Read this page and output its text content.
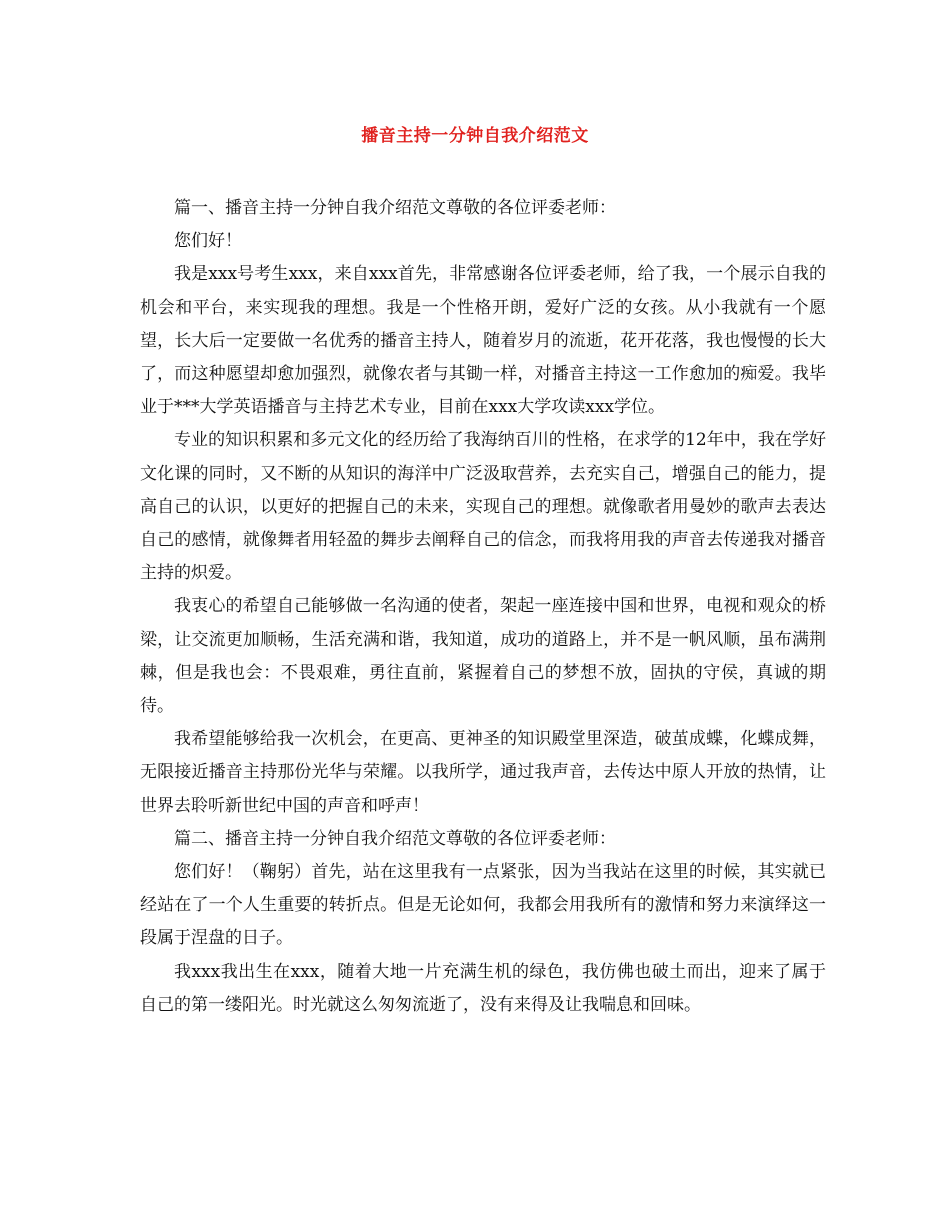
播音主持一分钟自我介绍范文

篇一、播音主持一分钟自我介绍范文尊敬的各位评委老师：

您们好！

我是xxx号考生xxx，来自xxx首先，非常感谢各位评委老师，给了我，一个展示自我的机会和平台，来实现我的理想。我是一个性格开朗，爱好广泛的女孩。从小我就有一个愿望，长大后一定要做一名优秀的播音主持人，随着岁月的流逝，花开花落，我也慢慢的长大了，而这种愿望却愈加强烈，就像农者与其锄一样，对播音主持这一工作愈加的痴爱。我毕业于***大学英语播音与主持艺术专业，目前在xxx大学攻读xxx学位。

专业的知识积累和多元文化的经历给了我海纳百川的性格，在求学的12年中，我在学好文化课的同时，又不断的从知识的海洋中广泛汲取营养，去充实自己，增强自己的能力，提高自己的认识，以更好的把握自己的未来，实现自己的理想。就像歌者用曼妙的歌声去表达自己的感情，就像舞者用轻盈的舞步去阐释自己的信念，而我将用我的声音去传递我对播音主持的炽爱。

我衷心的希望自己能够做一名沟通的使者，架起一座连接中国和世界，电视和观众的桥梁，让交流更加顺畅，生活充满和谐，我知道，成功的道路上，并不是一帆风顺，虽布满荆棘，但是我也会：不畏艰难，勇往直前，紧握着自己的梦想不放，固执的守侯，真诚的期待。

我希望能够给我一次机会，在更高、更神圣的知识殿堂里深造，破茧成蝶，化蝶成舞，无限接近播音主持那份光华与荣耀。以我所学，通过我声音，去传达中原人开放的热情，让世界去聆听新世纪中国的声音和呼声！

篇二、播音主持一分钟自我介绍范文尊敬的各位评委老师：

您们好！（鞠躬）首先，站在这里我有一点紧张，因为当我站在这里的时候，其实就已经站在了一个人生重要的转折点。但是无论如何，我都会用我所有的激情和努力来演绎这一段属于涅盘的日子。

我xxx我出生在xxx，随着大地一片充满生机的绿色，我仿佛也破土而出，迎来了属于自己的第一缕阳光。时光就这么匆匆流逝了，没有来得及让我喘息和回味。
